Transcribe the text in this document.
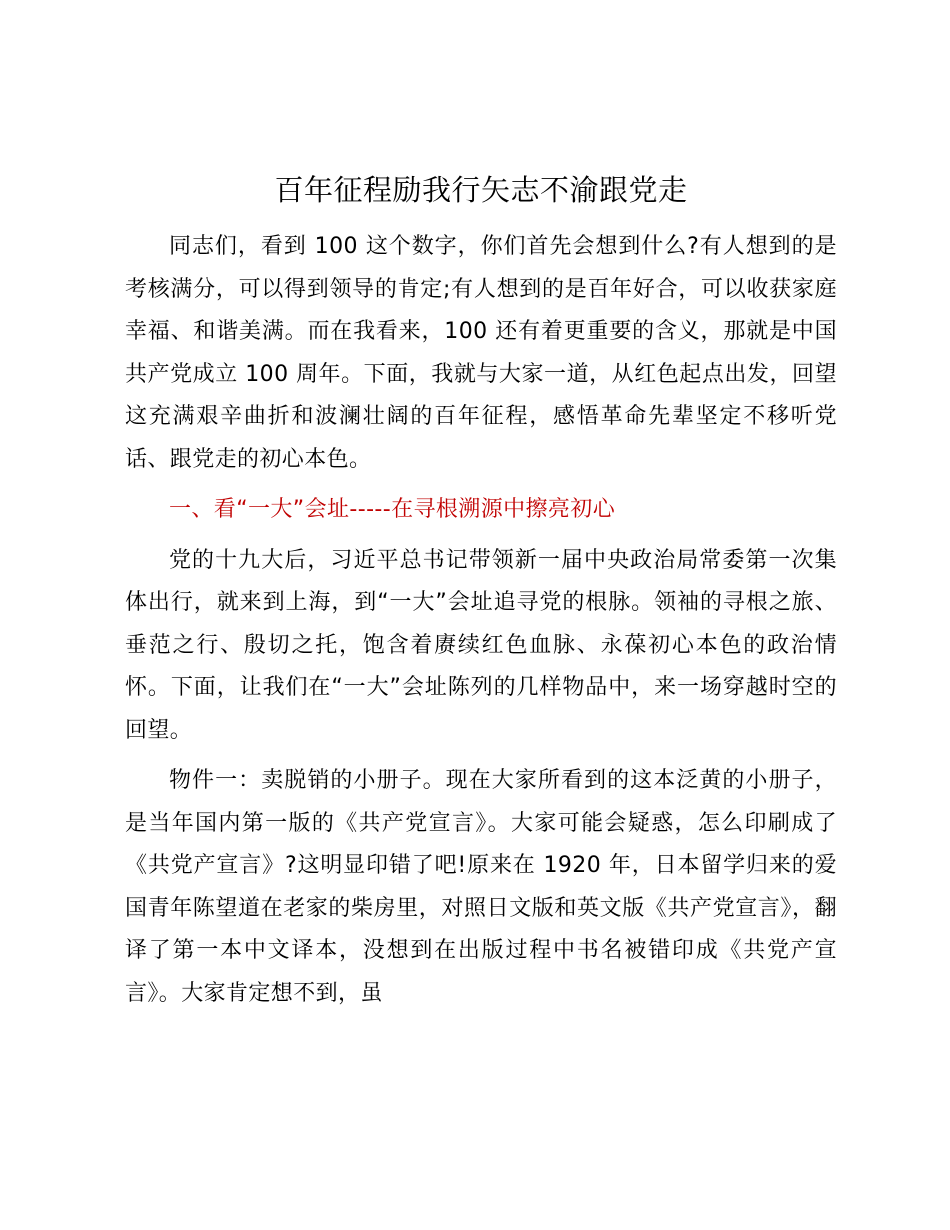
百年征程励我行矢志不渝跟党走

同志们，看到 100 这个数字，你们首先会想到什么?有人想到的是考核满分，可以得到领导的肯定;有人想到的是百年好合，可以收获家庭幸福、和谐美满。而在我看来，100 还有着更重要的含义，那就是中国共产党成立 100 周年。下面，我就与大家一道，从红色起点出发，回望这充满艰辛曲折和波澜壮阔的百年征程，感悟革命先辈坚定不移听党话、跟党走的初心本色。

一、看“一大”会址-----在寻根溯源中擦亮初心

党的十九大后，习近平总书记带领新一届中央政治局常委第一次集体出行，就来到上海，到“一大”会址追寻党的根脉。领袖的寻根之旅、垂范之行、殷切之托，饱含着赓续红色血脉、永葆初心本色的政治情怀。下面，让我们在“一大”会址陈列的几样物品中，来一场穿越时空的回望。

物件一：卖脱销的小册子。现在大家所看到的这本泛黄的小册子，是当年国内第一版的《共产党宣言》。大家可能会疑惑，怎么印刷成了《共党产宣言》?这明显印错了吧!原来在 1920 年，日本留学归来的爱国青年陈望道在老家的柴房里，对照日文版和英文版《共产党宣言》，翻译了第一本中文译本，没想到在出版过程中书名被错印成《共党产宣言》。大家肯定想不到，虽
